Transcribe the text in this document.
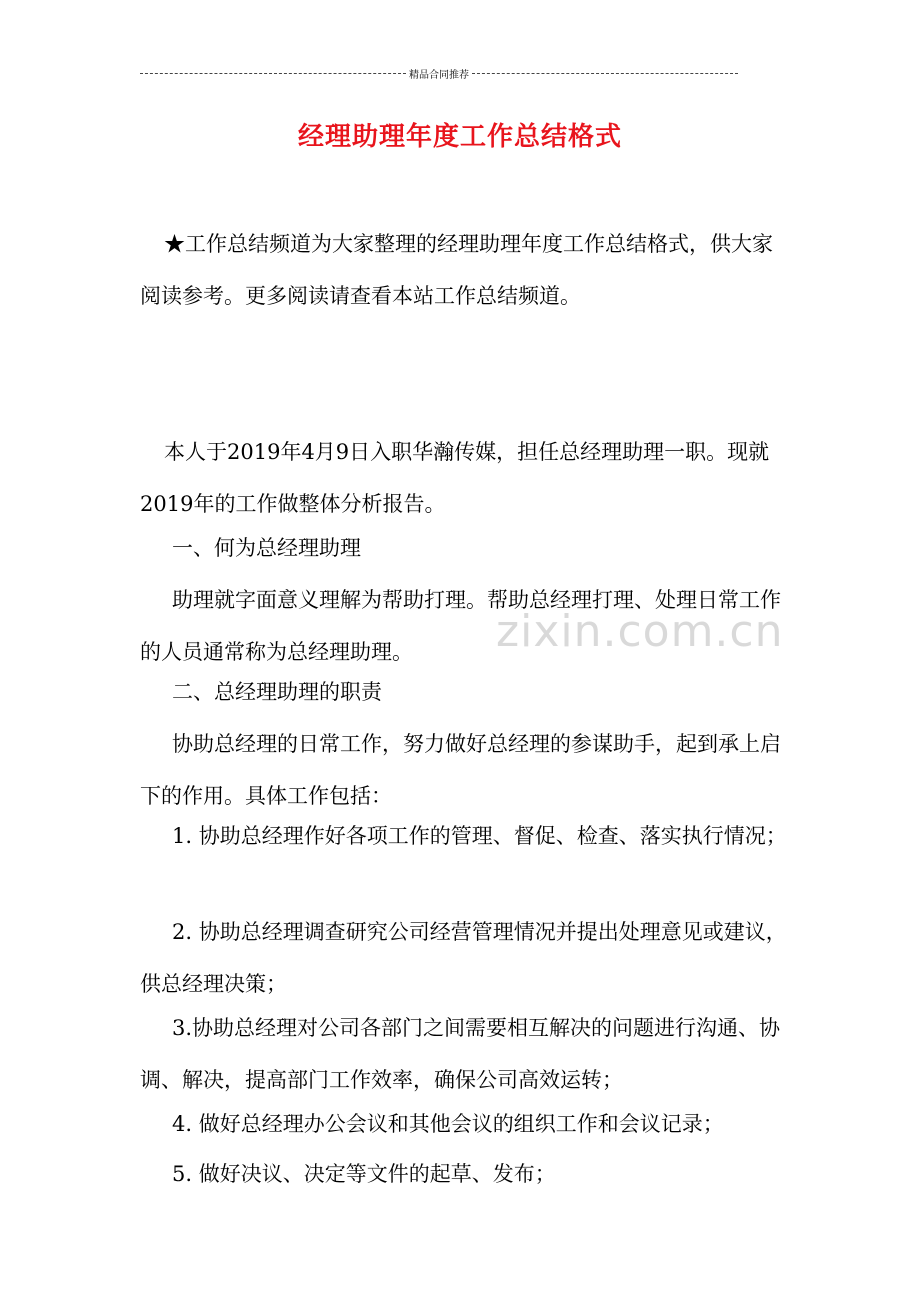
精品合同推荐
经理助理年度工作总结格式
zixin.com.cn

★工作总结频道为大家整理的经理助理年度工作总结格式，供大家阅读参考。更多阅读请查看本站工作总结频道。

本人于2019年4月9日入职华瀚传媒，担任总经理助理一职。现就2019年的工作做整体分析报告。

一、何为总经理助理

助理就字面意义理解为帮助打理。帮助总经理打理、处理日常工作的人员通常称为总经理助理。

二、总经理助理的职责

协助总经理的日常工作，努力做好总经理的参谋助手，起到承上启下的作用。具体工作包括：

1. 协助总经理作好各项工作的管理、督促、检查、落实执行情况；

2. 协助总经理调查研究公司经营管理情况并提出处理意见或建议，供总经理决策；

3.协助总经理对公司各部门之间需要相互解决的问题进行沟通、协调、解决，提高部门工作效率，确保公司高效运转；

4. 做好总经理办公会议和其他会议的组织工作和会议记录；

5. 做好决议、决定等文件的起草、发布；
